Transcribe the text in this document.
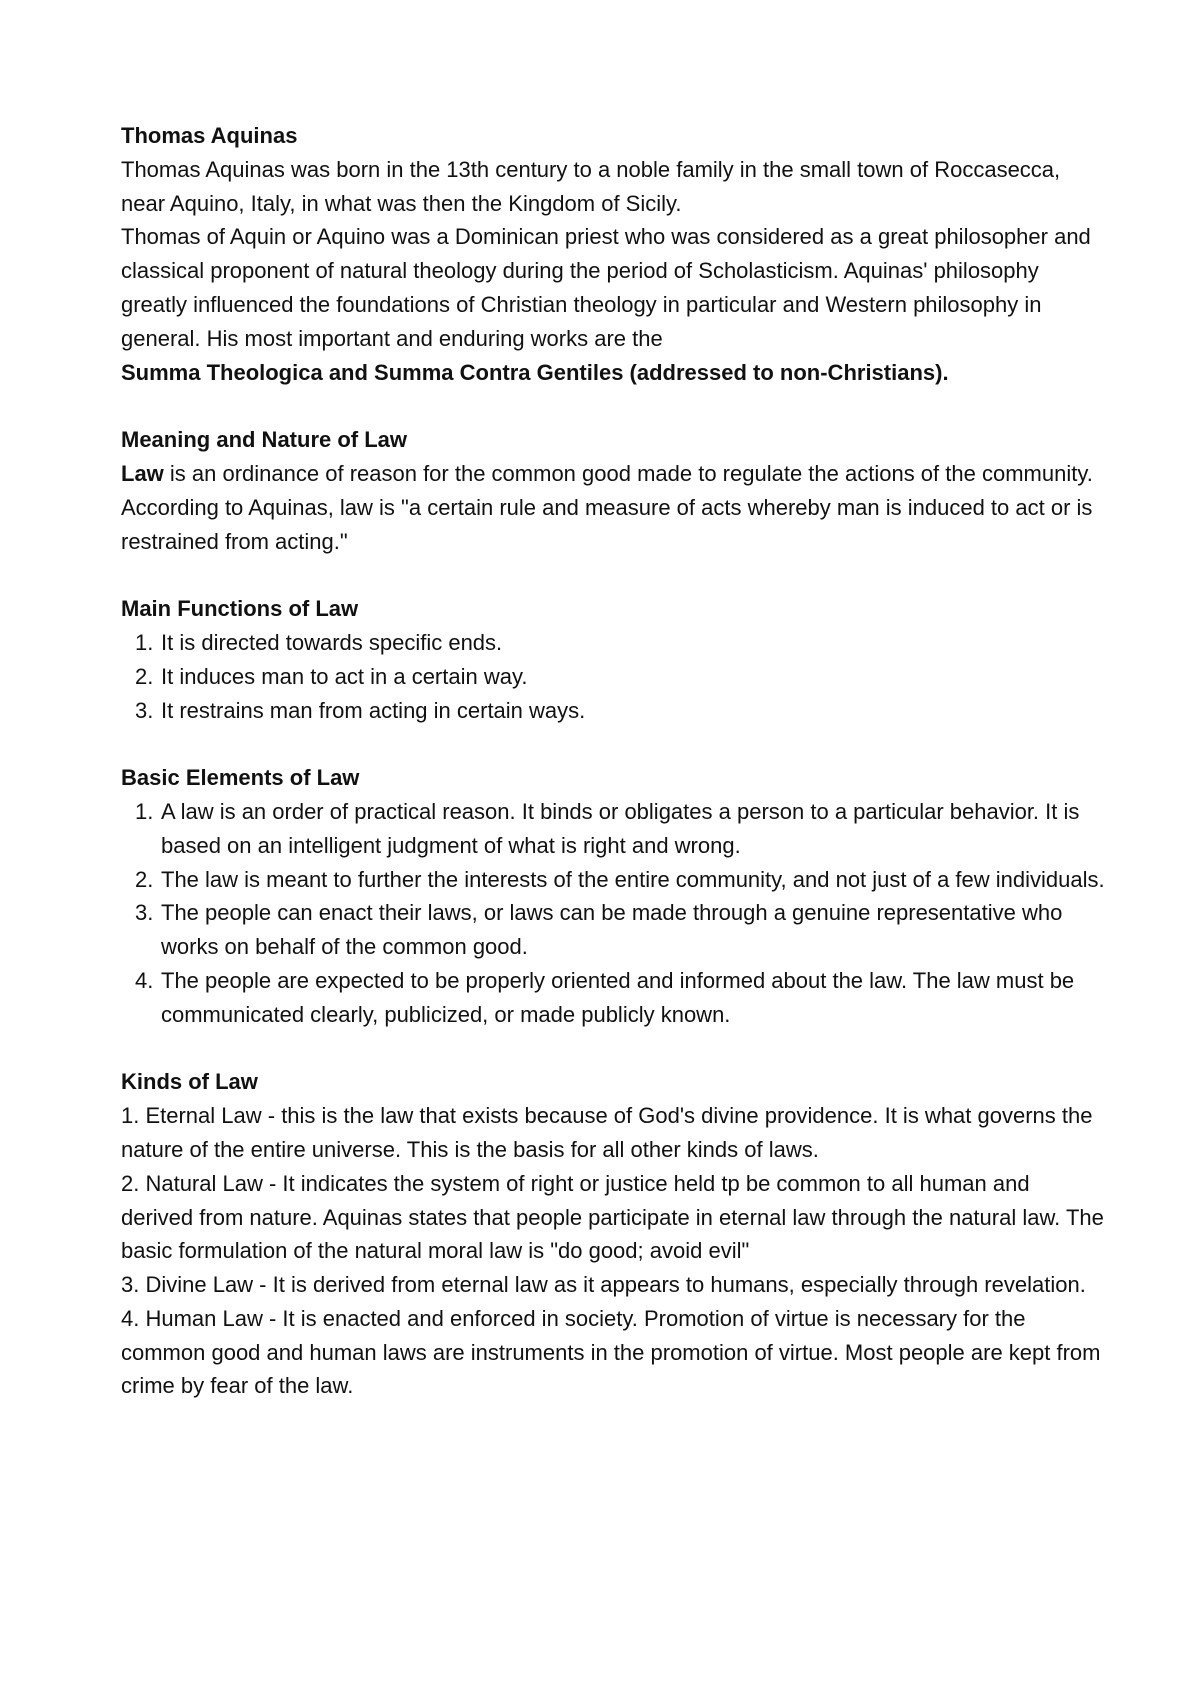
Thomas Aquinas

Thomas Aquinas was born in the 13th century to a noble family in the small town of Roccasecca, near Aquino, Italy, in what was then the Kingdom of Sicily.

Thomas of Aquin or Aquino was a Dominican priest who was considered as a great philosopher and classical proponent of natural theology during the period of Scholasticism. Aquinas' philosophy greatly influenced the foundations of Christian theology in particular and Western philosophy in general. His most important and enduring works are the
Summa Theologica and Summa Contra Gentiles (addressed to non-Christians).

Meaning and Nature of Law

Law is an ordinance of reason for the common good made to regulate the actions of the community. According to Aquinas, law is "a certain rule and measure of acts whereby man is induced to act or is restrained from acting."

Main Functions of Law

1. It is directed towards specific ends.
2. It induces man to act in a certain way.
3. It restrains man from acting in certain ways.

Basic Elements of Law

1. A law is an order of practical reason. It binds or obligates a person to a particular behavior. It is based on an intelligent judgment of what is right and wrong.
2. The law is meant to further the interests of the entire community, and not just of a few individuals.
3. The people can enact their laws, or laws can be made through a genuine representative who works on behalf of the common good.
4. The people are expected to be properly oriented and informed about the law. The law must be communicated clearly, publicized, or made publicly known.

Kinds of Law

1. Eternal Law - this is the law that exists because of God's divine providence. It is what governs the nature of the entire universe. This is the basis for all other kinds of laws.

2. Natural Law - It indicates the system of right or justice held tp be common to all human and derived from nature. Aquinas states that people participate in eternal law through the natural law. The basic formulation of the natural moral law is "do good; avoid evil"

3. Divine Law - It is derived from eternal law as it appears to humans, especially through revelation.

4. Human Law - It is enacted and enforced in society. Promotion of virtue is necessary for the common good and human laws are instruments in the promotion of virtue. Most people are kept from crime by fear of the law.
